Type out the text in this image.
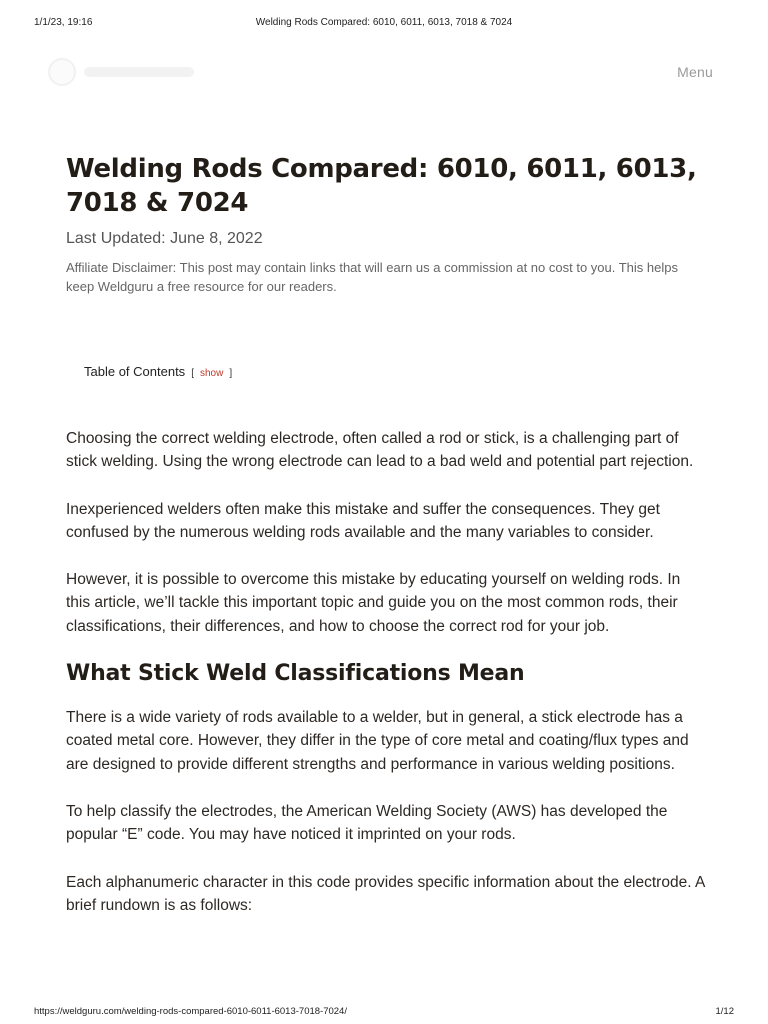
1/1/23, 19:16	Welding Rods Compared: 6010, 6011, 6013, 7018 & 7024
Menu
Welding Rods Compared: 6010, 6011, 6013, 7018 & 7024
Last Updated: June 8, 2022
Affiliate Disclaimer: This post may contain links that will earn us a commission at no cost to you. This helps keep Weldguru a free resource for our readers.
Table of Contents [ show ]

Choosing the correct welding electrode, often called a rod or stick, is a challenging part of stick welding. Using the wrong electrode can lead to a bad weld and potential part rejection.

Inexperienced welders often make this mistake and suffer the consequences. They get confused by the numerous welding rods available and the many variables to consider.

However, it is possible to overcome this mistake by educating yourself on welding rods. In this article, we’ll tackle this important topic and guide you on the most common rods, their classifications, their differences, and how to choose the correct rod for your job.

What Stick Weld Classifications Mean

There is a wide variety of rods available to a welder, but in general, a stick electrode has a coated metal core. However, they differ in the type of core metal and coating/flux types and are designed to provide different strengths and performance in various welding positions.

To help classify the electrodes, the American Welding Society (AWS) has developed the popular “E” code. You may have noticed it imprinted on your rods.

Each alphanumeric character in this code provides specific information about the electrode. A brief rundown is as follows:

https://weldguru.com/welding-rods-compared-6010-6011-6013-7018-7024/	1/12
